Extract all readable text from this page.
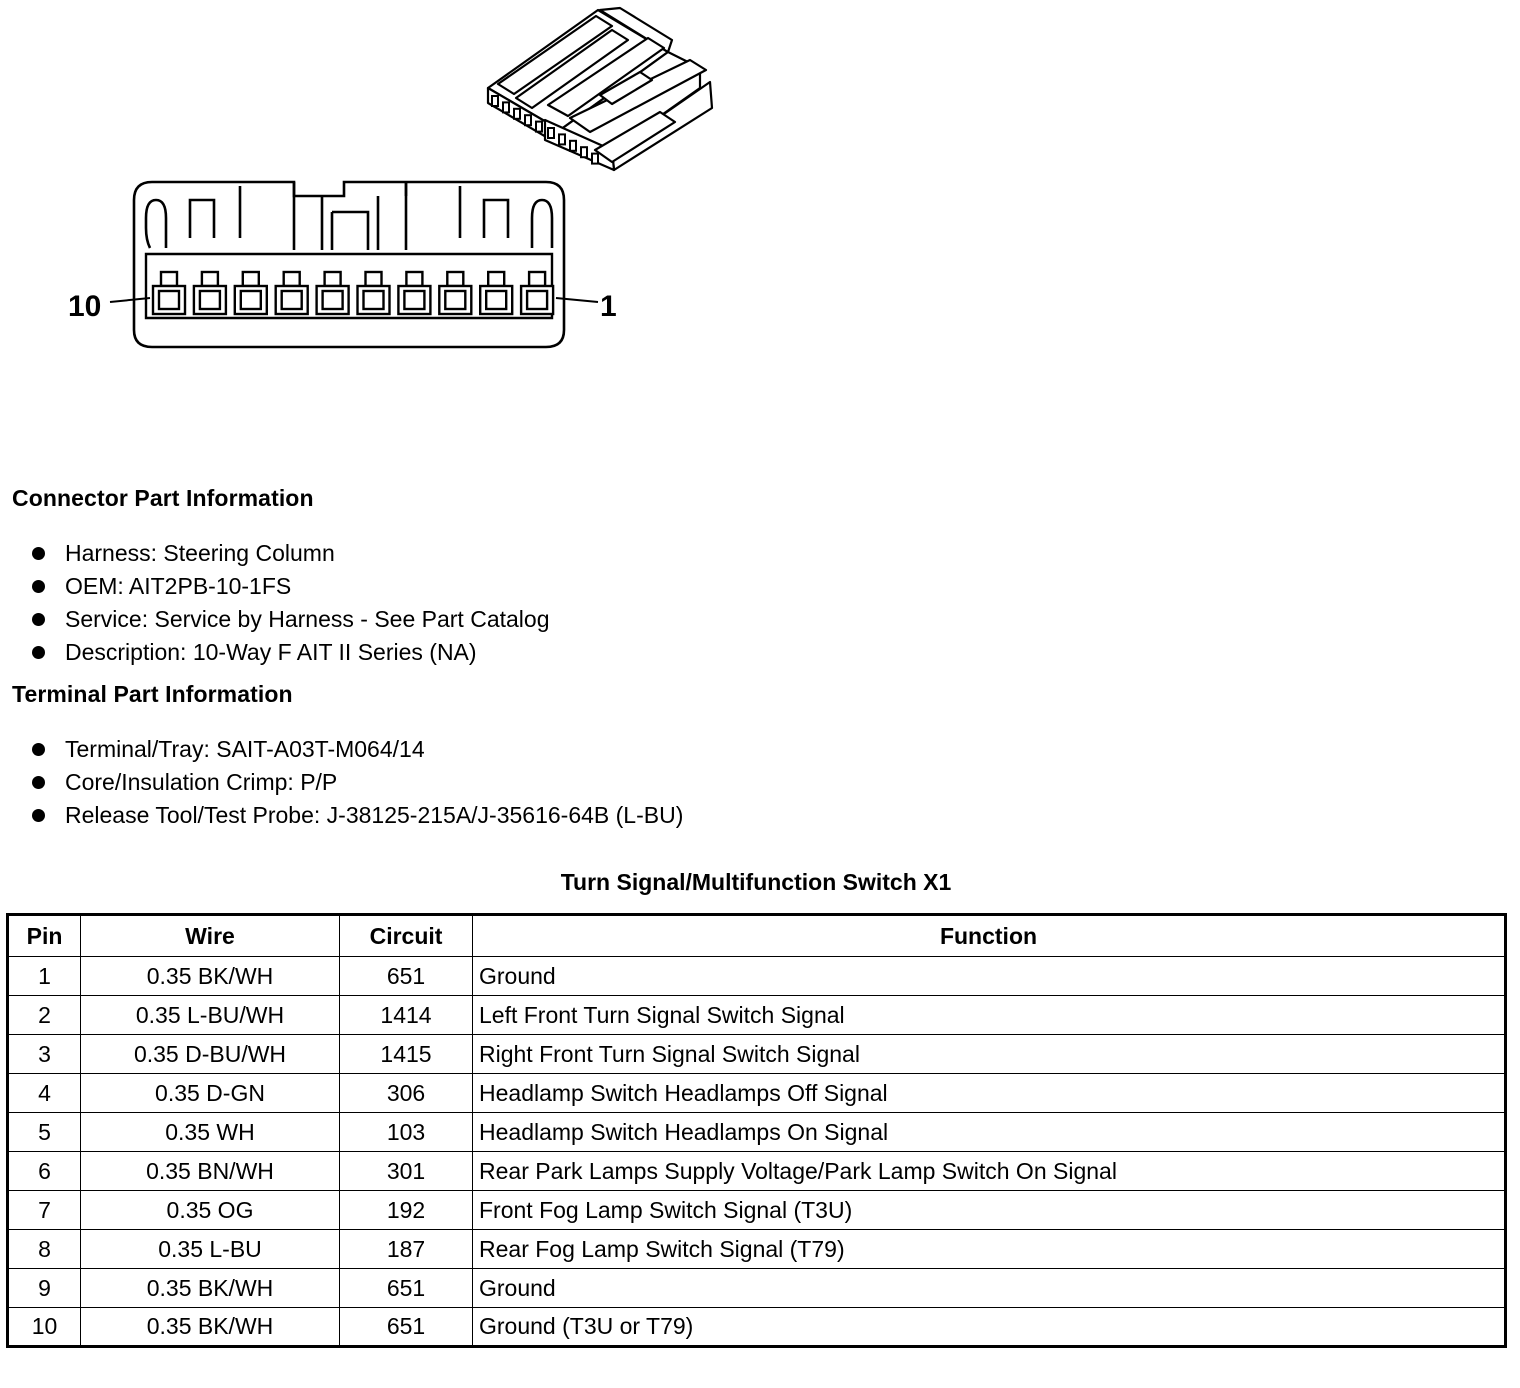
10	1
Connector Part Information
Harness: Steering Column
OEM: AIT2PB-10-1FS
Service: Service by Harness - See Part Catalog
Description: 10-Way F AIT II Series (NA)
Terminal Part Information
Terminal/Tray: SAIT-A03T-M064/14
Core/Insulation Crimp: P/P
Release Tool/Test Probe: J-38125-215A/J-35616-64B (L-BU)
Turn Signal/Multifunction Switch X1
Pin	Wire	Circuit	Function
1	0.35 BK/WH	651	Ground
2	0.35 L-BU/WH	1414	Left Front Turn Signal Switch Signal
3	0.35 D-BU/WH	1415	Right Front Turn Signal Switch Signal
4	0.35 D-GN	306	Headlamp Switch Headlamps Off Signal
5	0.35 WH	103	Headlamp Switch Headlamps On Signal
6	0.35 BN/WH	301	Rear Park Lamps Supply Voltage/Park Lamp Switch On Signal
7	0.35 OG	192	Front Fog Lamp Switch Signal (T3U)
8	0.35 L-BU	187	Rear Fog Lamp Switch Signal (T79)
9	0.35 BK/WH	651	Ground
10	0.35 BK/WH	651	Ground (T3U or T79)
